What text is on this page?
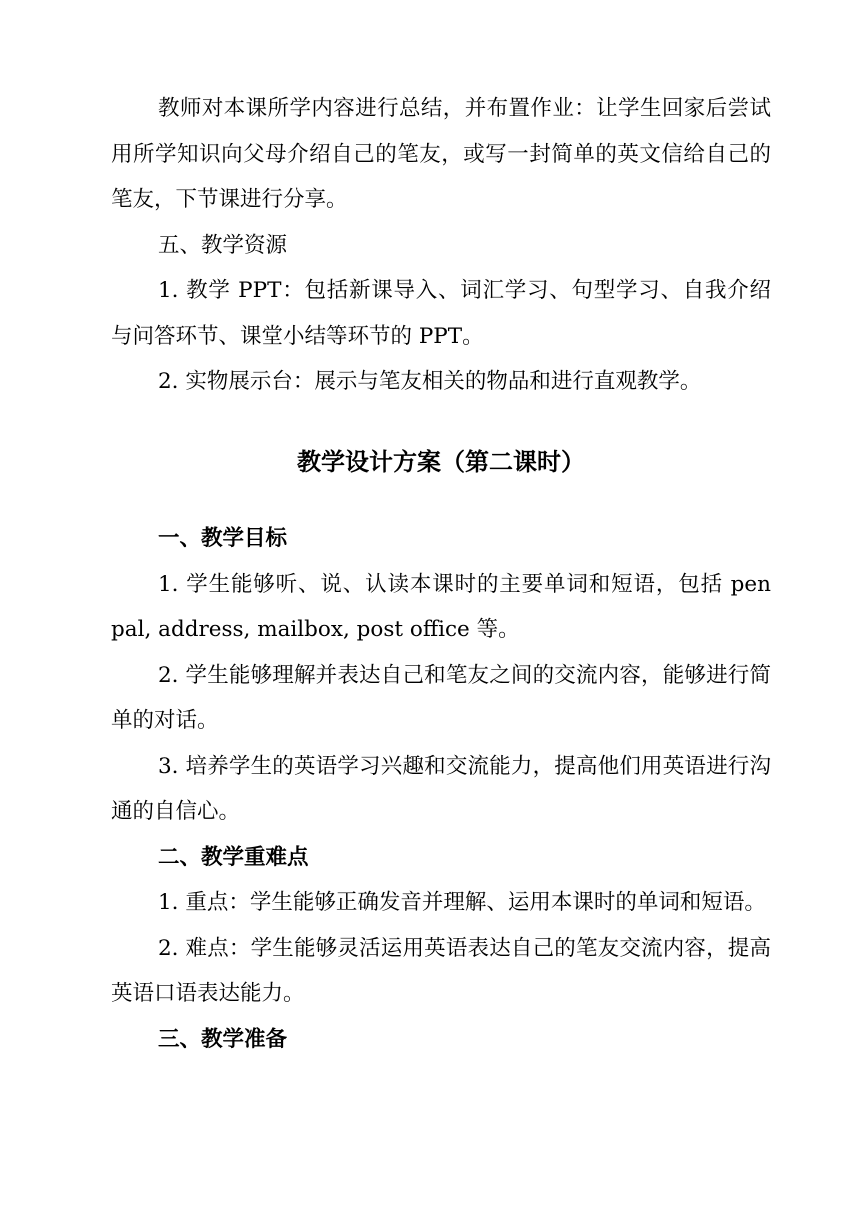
教师对本课所学内容进行总结，并布置作业：让学生回家后尝试用所学知识向父母介绍自己的笔友，或写一封简单的英文信给自己的笔友，下节课进行分享。

五、教学资源

1. 教学 PPT：包括新课导入、词汇学习、句型学习、自我介绍与问答环节、课堂小结等环节的 PPT。

2. 实物展示台：展示与笔友相关的物品和进行直观教学。

教学设计方案（第二课时）

一、教学目标

1. 学生能够听、说、认读本课时的主要单词和短语，包括 pen pal, address, mailbox, post office 等。

2. 学生能够理解并表达自己和笔友之间的交流内容，能够进行简单的对话。

3. 培养学生的英语学习兴趣和交流能力，提高他们用英语进行沟通的自信心。

二、教学重难点

1. 重点：学生能够正确发音并理解、运用本课时的单词和短语。

2. 难点：学生能够灵活运用英语表达自己的笔友交流内容，提高英语口语表达能力。

三、教学准备
